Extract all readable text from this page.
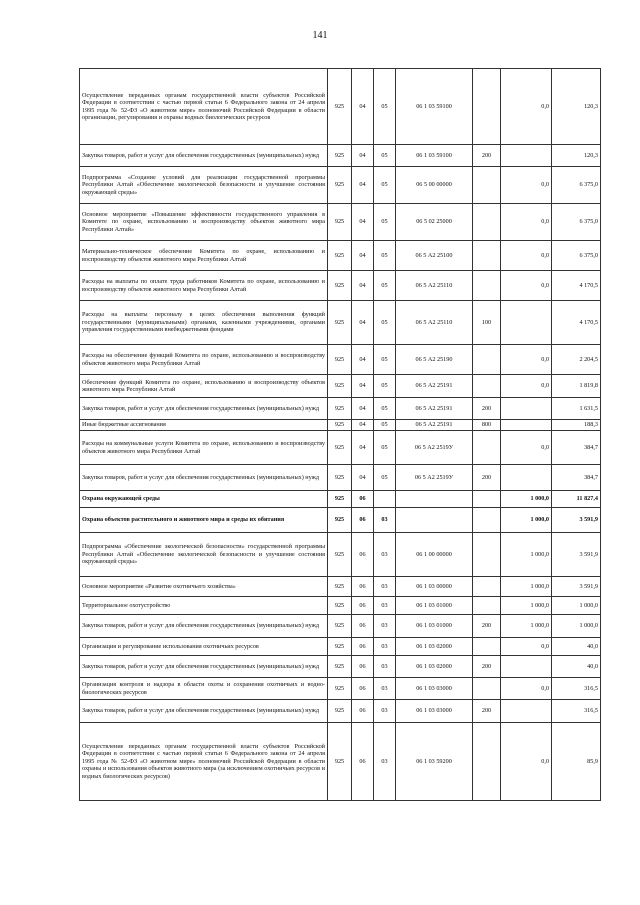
141
Осуществление переданных органам государственной власти субъектов Российской Федерации в соответствии с частью первой статьи 6 Федерального закона от 24 апреля 1995 года № 52-ФЗ «О животном мире» полномочий Российской Федерации в области организации, регулирования и охраны водных биологических ресурсов	925	04	05	06 1 03 59100		0,0	120,3
Закупка товаров, работ и услуг для обеспечения государственных (муниципальных) нужд	925	04	05	06 1 03 59100	200		120,3
Подпрограмма «Создание условий для реализации государственной программы Республики Алтай «Обеспечение экологической безопасности и улучшение состояния окружающей среды»	925	04	05	06 5 00 00000		0,0	6 375,0
Основное мероприятие «Повышение эффективности государственного управления в Комитете по охране, использованию и воспроизводству объектов животного мира Республики Алтай»	925	04	05	06 5 02 25000		0,0	6 375,0
Материально-техническое обеспечение Комитета по охране, использованию и воспроизводству объектов животного мира Республики Алтай	925	04	05	06 5 А2 25100		0,0	6 375,0
Расходы на выплаты по оплате труда работников Комитета по охране, использованию и воспроизводству объектов животного мира Республики Алтай	925	04	05	06 5 А2 25110		0,0	4 170,5
Расходы на выплаты персоналу в целях обеспечения выполнения функций государственными (муниципальными) органами, казенными учреждениями, органами управления государственными внебюджетными фондами	925	04	05	06 5 А2 25110	100		4 170,5
Расходы на обеспечение функций Комитета по охране, использованию и воспроизводству объектов животного мира Республики Алтай	925	04	05	06 5 А2 25190		0,0	2 204,5
Обеспечение функций Комитета по охране, использованию и воспроизводству объектов животного мира Республики Алтай	925	04	05	06 5 А2 25191		0,0	1 819,8
Закупка товаров, работ и услуг для обеспечения государственных (муниципальных) нужд	925	04	05	06 5 А2 25191	200		1 631,5
Иные бюджетные ассигнования	925	04	05	06 5 А2 25191	800		188,3
Расходы на коммунальные услуги Комитета по охране, использованию и воспроизводству объектов животного мира Республики Алтай	925	04	05	06 5 А2 2519У		0,0	384,7
Закупка товаров, работ и услуг для обеспечения государственных (муниципальных) нужд	925	04	05	06 5 А2 2519У	200		384,7
Охрана окружающей среды	925	06				1 000,0	11 827,4
Охрана объектов растительного и животного мира и среды их обитания	925	06	03			1 000,0	3 591,9
Подпрограмма «Обеспечение экологической безопасности» государственной программы Республики Алтай «Обеспечение экологической безопасности и улучшение состояния окружающей среды»	925	06	03	06 1 00 00000		1 000,0	3 591,9
Основное мероприятие «Развитие охотничьего хозяйства»	925	06	03	06 1 03 00000		1 000,0	3 591,9
Территориальное охотустройство	925	06	03	06 1 03 01000		1 000,0	1 000,0
Закупка товаров, работ и услуг для обеспечения государственных (муниципальных) нужд	925	06	03	06 1 03 01000	200	1 000,0	1 000,0
Организация и регулирование использования охотничьих ресурсов	925	06	03	06 1 03 02000		0,0	40,0
Закупка товаров, работ и услуг для обеспечения государственных (муниципальных) нужд	925	06	03	06 1 03 02000	200		40,0
Организация контроля и надзора в области охоты и сохранения охотничьих и водно-биологических ресурсов	925	06	03	06 1 03 03000		0,0	316,5
Закупка товаров, работ и услуг для обеспечения государственных (муниципальных) нужд	925	06	03	06 1 03 03000	200		316,5
Осуществление переданных органам государственной власти субъектов Российской Федерации в соответствии с частью первой статьи 6 Федерального закона от 24 апреля 1995 года № 52-ФЗ «О животном мире» полномочий Российской Федерации в области охраны и использования объектов животного мира (за исключением охотничьих ресурсов и водных биологических ресурсов)	925	06	03	06 1 03 59200		0,0	85,9
